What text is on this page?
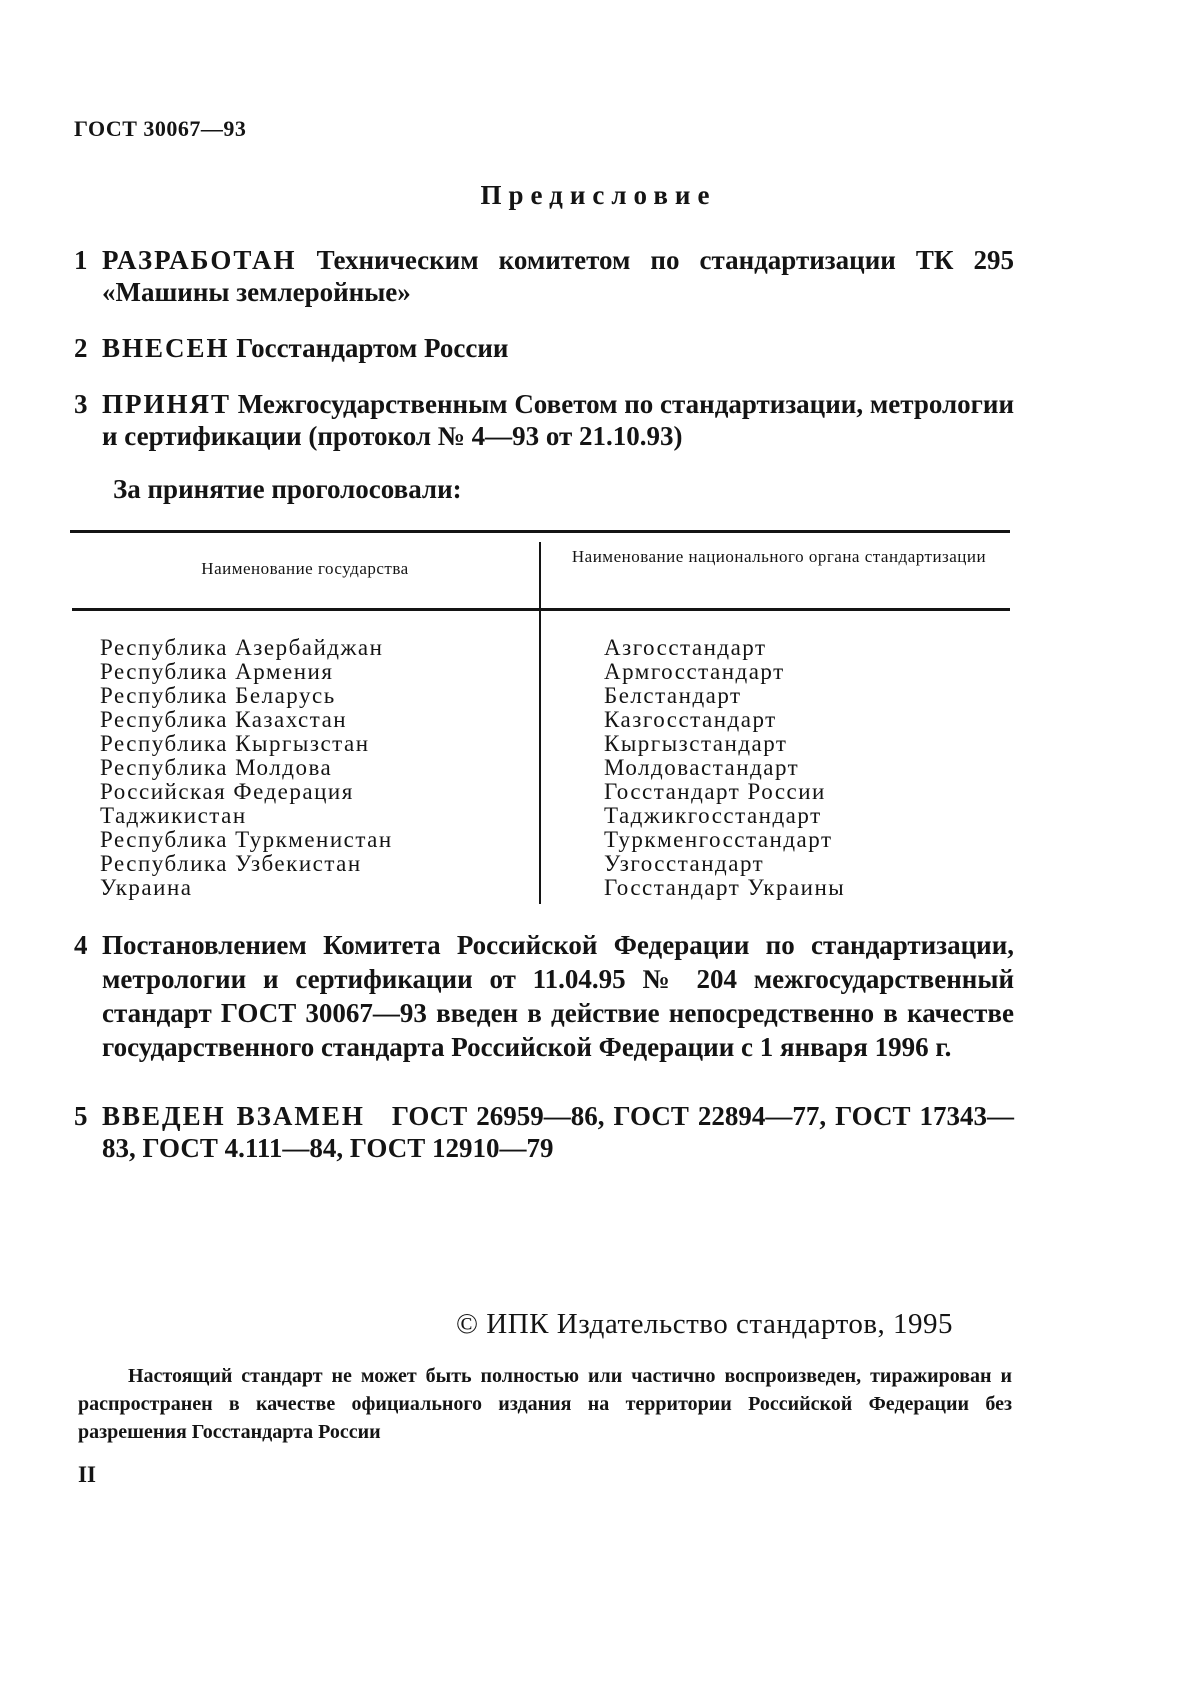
ГОСТ 30067—93
Предисловие
1 РАЗРАБОТАН Техническим комитетом по стандартизации ТК 295 «Машины землеройные»
2 ВНЕСЕН Госстандартом России
3 ПРИНЯТ Межгосударственным Советом по стандартизации, метрологии и сертификации (протокол № 4—93 от 21.10.93)
За принятие проголосовали:
Наименование государства
Наименование национального органа стандартизации
Республика Азербайджан
Республика Армения
Республика Беларусь
Республика Казахстан
Республика Кыргызстан
Республика Молдова
Российская Федерация
Таджикистан
Республика Туркменистан
Республика Узбекистан
Украина
Азгосстандарт
Армгосстандарт
Белстандарт
Казгосстандарт
Кыргызстандарт
Молдовастандарт
Госстандарт России
Таджикгосстандарт
Туркменгосстандарт
Узгосстандарт
Госстандарт Украины
4 Постановлением Комитета Российской Федерации по стандартизации, метрологии и сертификации от 11.04.95 № 204 межгосударственный стандарт ГОСТ 30067—93 введен в действие непосредственно в качестве государственного стандарта Российской Федерации с 1 января 1996 г.
5 ВВЕДЕН ВЗАМЕН ГОСТ 26959—86, ГОСТ 22894—77, ГОСТ 17343—83, ГОСТ 4.111—84, ГОСТ 12910—79
© ИПК Издательство стандартов, 1995
Настоящий стандарт не может быть полностью или частично воспроизведен, тиражирован и распространен в качестве официального издания на территории Российской Федерации без разрешения Госстандарта России
II
